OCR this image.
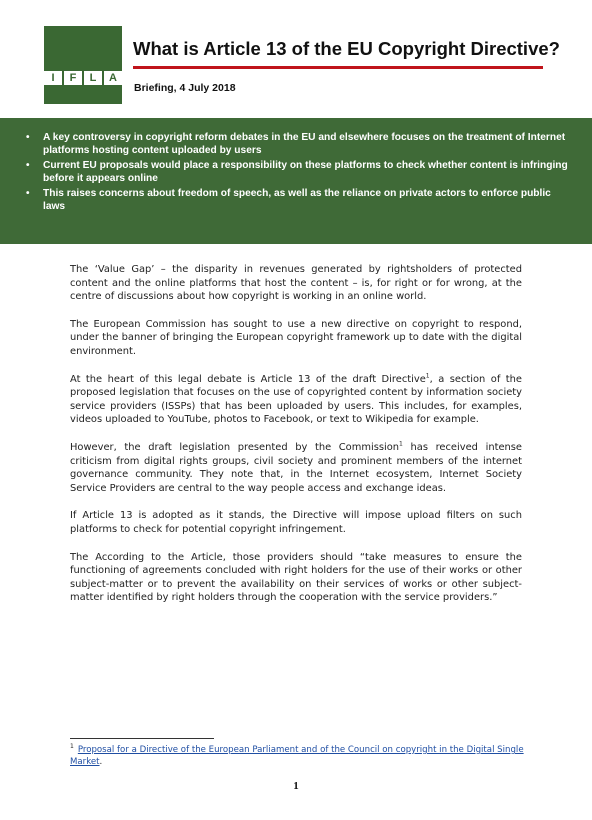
I	F	L	A
What is Article 13 of the EU Copyright Directive?
Briefing, 4 July 2018
• A key controversy in copyright reform debates in the EU and elsewhere focuses on the treatment of Internet platforms hosting content uploaded by users
• Current EU proposals would place a responsibility on these platforms to check whether content is infringing before it appears online
• This raises concerns about freedom of speech, as well as the reliance on private actors to enforce public laws

The ‘Value Gap’ – the disparity in revenues generated by rightsholders of protected content and the online platforms that host the content – is, for right or for wrong, at the centre of discussions about how copyright is working in an online world.

The European Commission has sought to use a new directive on copyright to respond, under the banner of bringing the European copyright framework up to date with the digital environment.

At the heart of this legal debate is Article 13 of the draft Directive$^1$, a section of the proposed legislation that focuses on the use of copyrighted content by information society service providers (ISSPs) that has been uploaded by users. This includes, for examples, videos uploaded to YouTube, photos to Facebook, or text to Wikipedia for example.

However, the draft legislation presented by the Commission$^1$ has received intense criticism from digital rights groups, civil society and prominent members of the internet governance community. They note that, in the Internet ecosystem, Internet Society Service Providers are central to the way people access and exchange ideas.

If Article 13 is adopted as it stands, the Directive will impose upload filters on such platforms to check for potential copyright infringement.

The According to the Article, those providers should “take measures to ensure the functioning of agreements concluded with right holders for the use of their works or other subject-matter or to prevent the availability on their services of works or other subject-matter identified by right holders through the cooperation with the service providers.”

$^1$ Proposal for a Directive of the European Parliament and of the Council on copyright in the Digital Single Market.
1
